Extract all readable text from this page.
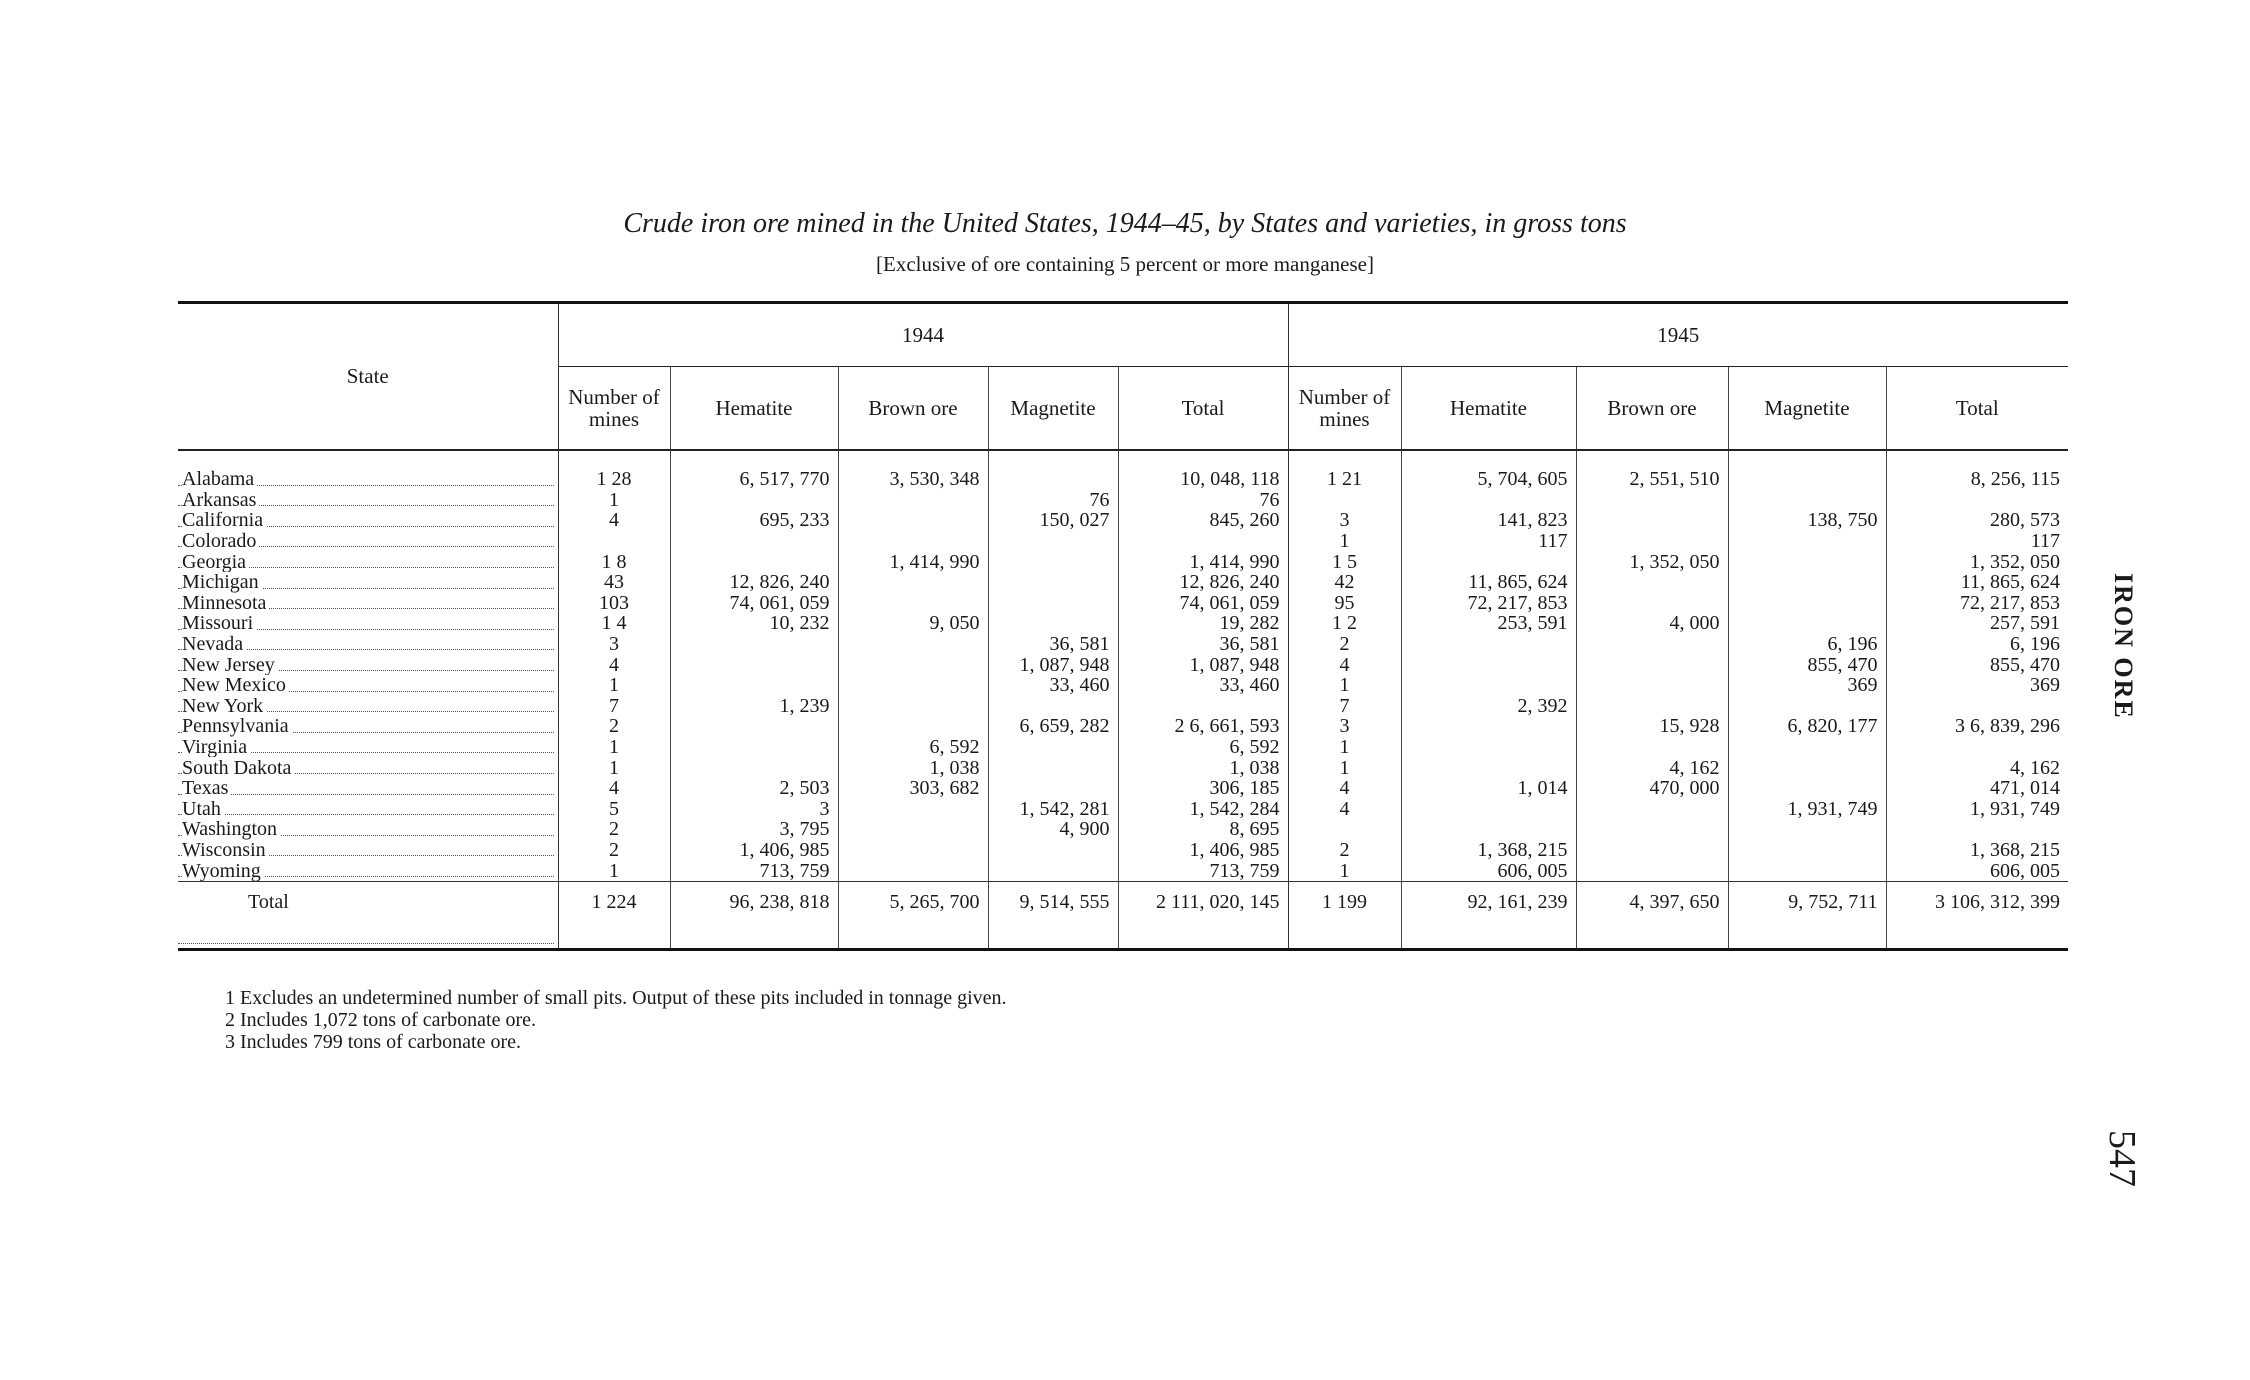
Crude iron ore mined in the United States, 1944–45, by States and varieties, in gross tons
[Exclusive of ore containing 5 percent or more manganese]
State	1944					1945				
	Number of mines	Hematite	Brown ore	Magnetite	Total	Number of mines	Hematite	Brown ore	Magnetite	Total

Alabama	1 28	6, 517, 770	3, 530, 348		10, 048, 118	1 21	5, 704, 605	2, 551, 510		8, 256, 115

Arkansas	1			76	76					

California	4	695, 233		150, 027	845, 260	3	141, 823		138, 750	280, 573

Colorado						1	117			117

Georgia	1 8		1, 414, 990		1, 414, 990	1 5		1, 352, 050		1, 352, 050

Michigan	43	12, 826, 240			12, 826, 240	42	11, 865, 624			11, 865, 624

Minnesota	103	74, 061, 059			74, 061, 059	95	72, 217, 853			72, 217, 853

Missouri	1 4	10, 232	9, 050		19, 282	1 2	253, 591	4, 000		257, 591

Nevada	3			36, 581	36, 581	2			6, 196	6, 196

New Jersey	4			1, 087, 948	1, 087, 948	4			855, 470	855, 470

New Mexico	1			33, 460	33, 460	1			369	369

New York	7	1, 239				7	2, 392			

Pennsylvania	2			6, 659, 282	2 6, 661, 593	3		15, 928	6, 820, 177	3 6, 839, 296

Virginia	1		6, 592		6, 592	1				

South Dakota	1		1, 038		1, 038	1		4, 162		4, 162

Texas	4	2, 503	303, 682		306, 185	4	1, 014	470, 000		471, 014

Utah	5	3		1, 542, 281	1, 542, 284	4			1, 931, 749	1, 931, 749

Washington	2	3, 795		4, 900	8, 695					

Wisconsin	2	1, 406, 985			1, 406, 985	2	1, 368, 215			1, 368, 215

Wyoming	1	713, 759			713, 759	1	606, 005			606, 005

Total	1 224	96, 238, 818	5, 265, 700	9, 514, 555	2 111, 020, 145	1 199	92, 161, 239	4, 397, 650	9, 752, 711	3 106, 312, 399
1 Excludes an undetermined number of small pits. Output of these pits included in tonnage given.
2 Includes 1,072 tons of carbonate ore.
3 Includes 799 tons of carbonate ore.
IRON ORE
547
